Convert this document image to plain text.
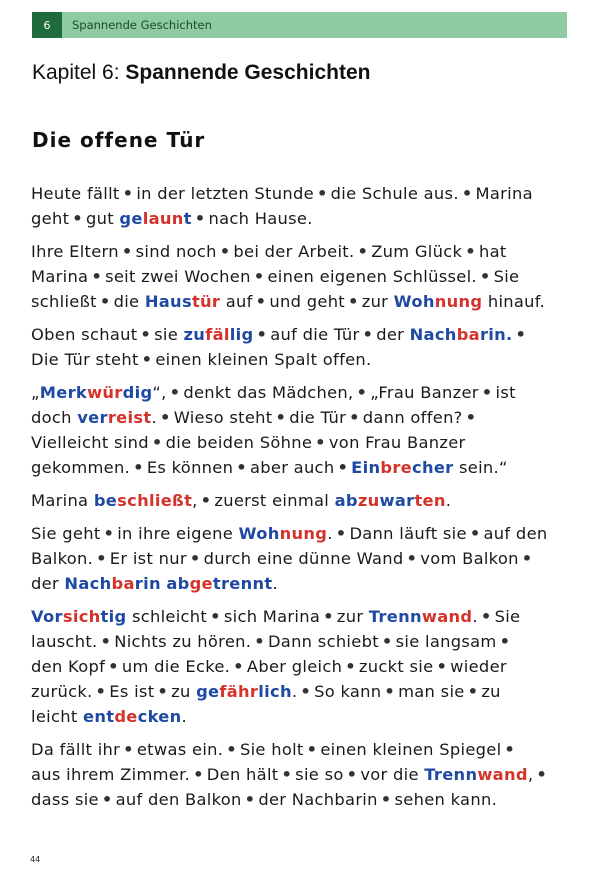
6	Spannende Geschichten
Kapitel 6: Spannende Geschichten
Die offene Tür
Heute fällt • in der letzten Stunde • die Schule aus. • Marina
geht • gut gelaunt • nach Hause.
Ihre Eltern • sind noch • bei der Arbeit. • Zum Glück • hat
Marina • seit zwei Wochen • einen eigenen Schlüssel. • Sie
schließt • die Haustür auf • und geht • zur Wohnung hinauf.
Oben schaut • sie zufällig • auf die Tür • der Nachbarin. •
Die Tür steht • einen kleinen Spalt offen.
„Merkwürdig“, • denkt das Mädchen, • „Frau Banzer • ist
doch verreist. • Wieso steht • die Tür • dann offen? •
Vielleicht sind • die beiden Söhne • von Frau Banzer
gekommen. • Es können • aber auch • Einbrecher sein.“
Marina beschließt, • zuerst einmal abzuwarten.
Sie geht • in ihre eigene Wohnung. • Dann läuft sie • auf den
Balkon. • Er ist nur • durch eine dünne Wand • vom Balkon •
der Nachbarin abgetrennt.
Vorsichtig schleicht • sich Marina • zur Trennwand. • Sie
lauscht. • Nichts zu hören. • Dann schiebt • sie langsam •
den Kopf • um die Ecke. • Aber gleich • zuckt sie • wieder
zurück. • Es ist • zu gefährlich. • So kann • man sie • zu
leicht entdecken.
Da fällt ihr • etwas ein. • Sie holt • einen kleinen Spiegel •
aus ihrem Zimmer. • Den hält • sie so • vor die Trennwand, •
dass sie • auf den Balkon • der Nachbarin • sehen kann.
44
